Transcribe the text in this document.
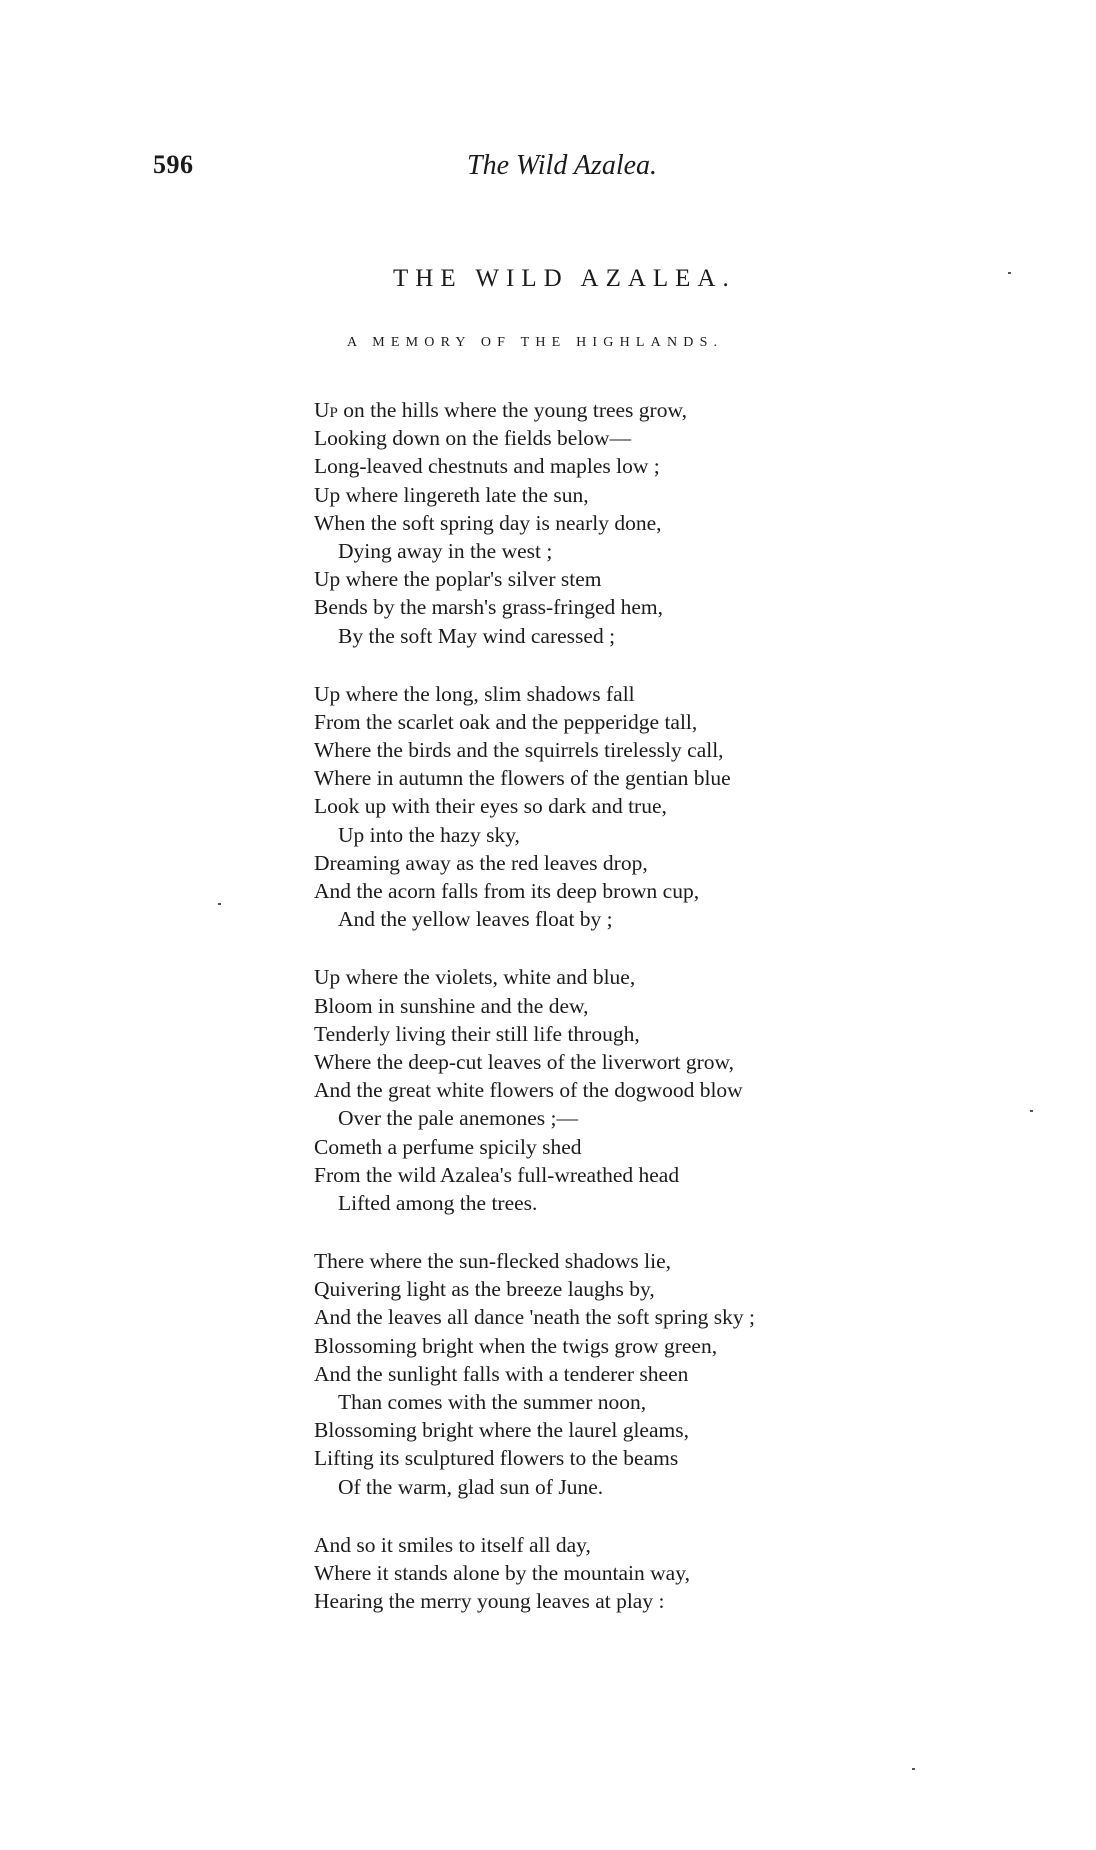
596	The Wild Azalea.
THE WILD AZALEA.
A MEMORY OF THE HIGHLANDS.
Up on the hills where the young trees grow,
Looking down on the fields below—
Long-leaved chestnuts and maples low ;
Up where lingereth late the sun,
When the soft spring day is nearly done,
Dying away in the west ;
Up where the poplar's silver stem
Bends by the marsh's grass-fringed hem,
By the soft May wind caressed ;
Up where the long, slim shadows fall
From the scarlet oak and the pepperidge tall,
Where the birds and the squirrels tirelessly call,
Where in autumn the flowers of the gentian blue
Look up with their eyes so dark and true,
Up into the hazy sky,
Dreaming away as the red leaves drop,
And the acorn falls from its deep brown cup,
And the yellow leaves float by ;
Up where the violets, white and blue,
Bloom in sunshine and the dew,
Tenderly living their still life through,
Where the deep-cut leaves of the liverwort grow,
And the great white flowers of the dogwood blow
Over the pale anemones ;—
Cometh a perfume spicily shed
From the wild Azalea's full-wreathed head
Lifted among the trees.
There where the sun-flecked shadows lie,
Quivering light as the breeze laughs by,
And the leaves all dance 'neath the soft spring sky ;
Blossoming bright when the twigs grow green,
And the sunlight falls with a tenderer sheen
Than comes with the summer noon,
Blossoming bright where the laurel gleams,
Lifting its sculptured flowers to the beams
Of the warm, glad sun of June.
And so it smiles to itself all day,
Where it stands alone by the mountain way,
Hearing the merry young leaves at play :
